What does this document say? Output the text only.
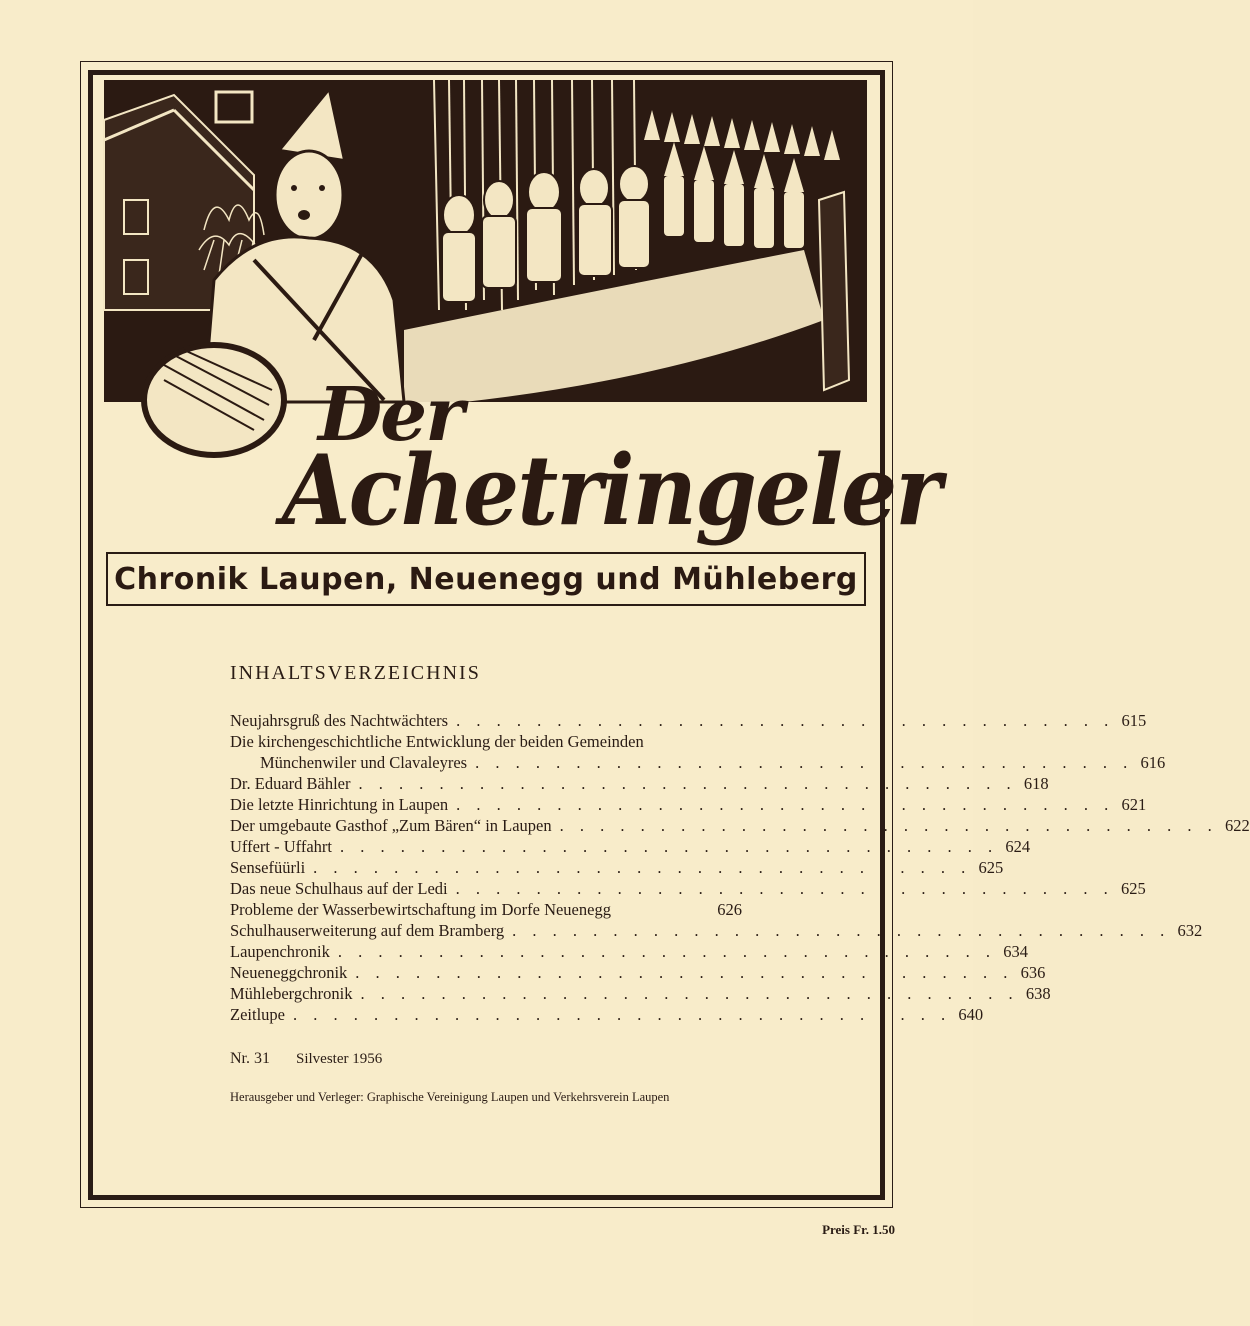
Der
Achetringeler
Chronik Laupen, Neuenegg und Mühleberg
INHALTSVERZEICHNIS
Neujahrsgruß des Nachtwächters . . . . . . . . . . . . . . . . . . . . . . . . . . . . . . . . . 615
Die kirchengeschichtliche Entwicklung der beiden Gemeinden
Münchenwiler und Clavaleyres . . . . . . . . . . . . . . . . . . . . . . . . . . . . . . . . . 616
Dr. Eduard Bähler . . . . . . . . . . . . . . . . . . . . . . . . . . . . . . . . . 618
Die letzte Hinrichtung in Laupen . . . . . . . . . . . . . . . . . . . . . . . . . . . . . . . . . 621
Der umgebaute Gasthof „Zum Bären“ in Laupen . . . . . . . . . . . . . . . . . . . . . . . . . . . . . . . . . 622
Uffert - Uffahrt . . . . . . . . . . . . . . . . . . . . . . . . . . . . . . . . . 624
Sensefüürli . . . . . . . . . . . . . . . . . . . . . . . . . . . . . . . . . 625
Das neue Schulhaus auf der Ledi . . . . . . . . . . . . . . . . . . . . . . . . . . . . . . . . . 625
Probleme der Wasserbewirtschaftung im Dorfe Neuenegg	626
Schulhauserweiterung auf dem Bramberg . . . . . . . . . . . . . . . . . . . . . . . . . . . . . . . . . 632
Laupenchronik . . . . . . . . . . . . . . . . . . . . . . . . . . . . . . . . . 634
Neueneggchronik . . . . . . . . . . . . . . . . . . . . . . . . . . . . . . . . . 636
Mühlebergchronik . . . . . . . . . . . . . . . . . . . . . . . . . . . . . . . . . 638
Zeitlupe . . . . . . . . . . . . . . . . . . . . . . . . . . . . . . . . . 640
Nr. 31 Silvester 1956
Herausgeber und Verleger: Graphische Vereinigung Laupen und Verkehrsverein Laupen
Preis Fr. 1.50
